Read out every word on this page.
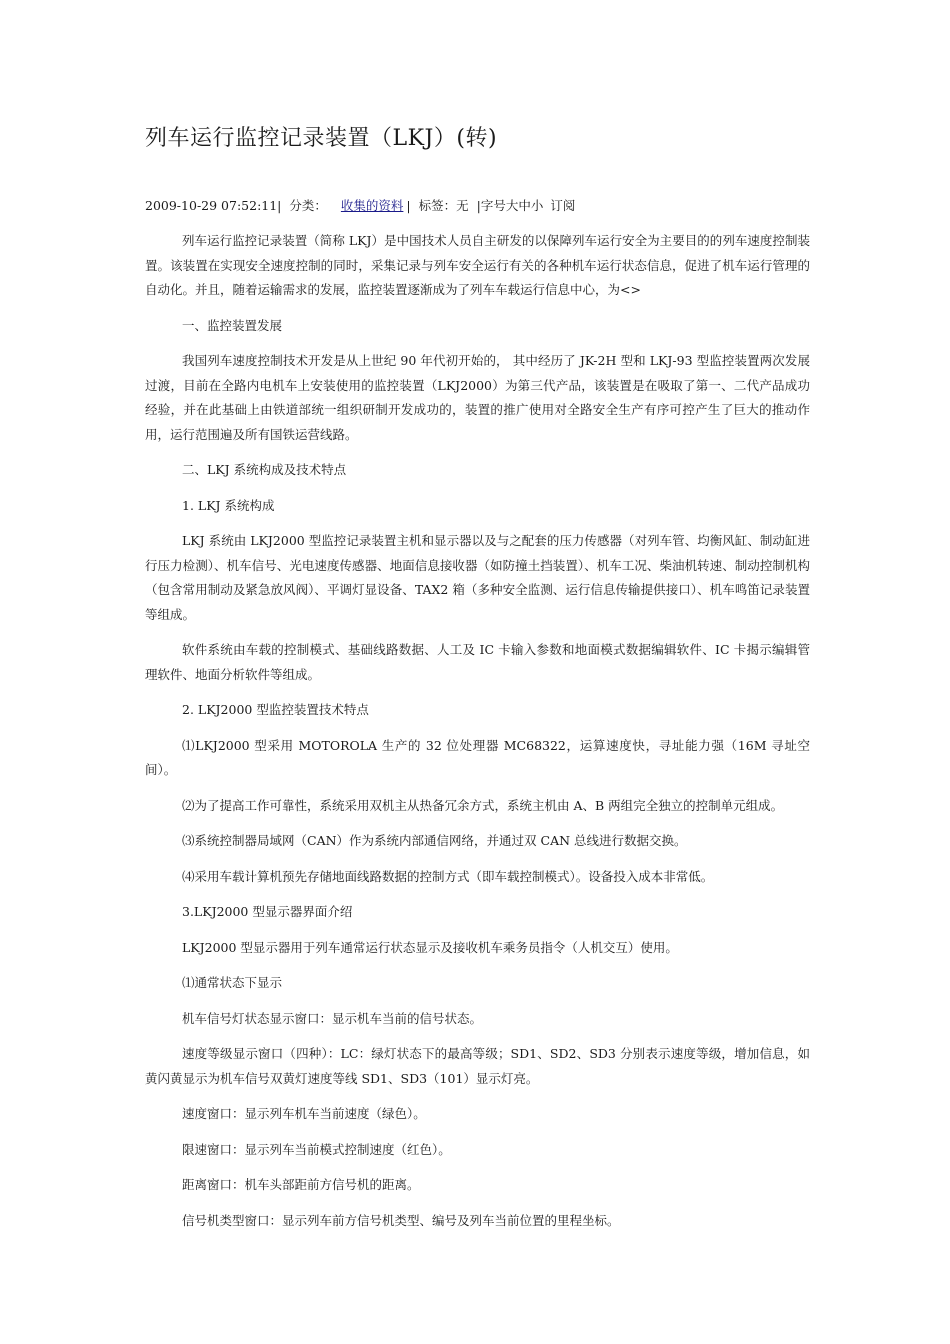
列车运行监控记录装置（LKJ）(转)
2009-10-29 07:52:11| 分类： 收集的资料 | 标签：无 |字号大中小 订阅

列车运行监控记录装置（简称 LKJ）是中国技术人员自主研发的以保障列车运行安全为主要目的的列车速度控制装置。该装置在实现安全速度控制的同时，采集记录与列车安全运行有关的各种机车运行状态信息，促进了机车运行管理的自动化。并且，随着运输需求的发展，监控装置逐渐成为了列车车载运行信息中心，为<>

一、监控装置发展

我国列车速度控制技术开发是从上世纪 90 年代初开始的， 其中经历了 JK-2H 型和 LKJ-93 型监控装置两次发展过渡，目前在全路内电机车上安装使用的监控装置（LKJ2000）为第三代产品，该装置是在吸取了第一、二代产品成功经验，并在此基础上由铁道部统一组织研制开发成功的，装置的推广使用对全路安全生产有序可控产生了巨大的推动作用，运行范围遍及所有国铁运营线路。

二、LKJ 系统构成及技术特点

1. LKJ 系统构成

LKJ 系统由 LKJ2000 型监控记录装置主机和显示器以及与之配套的压力传感器（对列车管、均衡风缸、制动缸进行压力检测）、机车信号、光电速度传感器、地面信息接收器（如防撞土挡装置）、机车工况、柴油机转速、制动控制机构（包含常用制动及紧急放风阀）、平调灯显设备、TAX2 箱（多种安全监测、运行信息传输提供接口）、机车鸣笛记录装置等组成。

软件系统由车载的控制模式、基础线路数据、人工及 IC 卡输入参数和地面模式数据编辑软件、IC 卡揭示编辑管理软件、地面分析软件等组成。

2. LKJ2000 型监控装置技术特点

⑴LKJ2000 型采用 MOTOROLA 生产的 32 位处理器 MC68322，运算速度快，寻址能力强（16M 寻址空间）。

⑵为了提高工作可靠性，系统采用双机主从热备冗余方式，系统主机由 A、B 两组完全独立的控制单元组成。

⑶系统控制器局域网（CAN）作为系统内部通信网络，并通过双 CAN 总线进行数据交换。

⑷采用车载计算机预先存储地面线路数据的控制方式（即车载控制模式）。设备投入成本非常低。

3.LKJ2000 型显示器界面介绍

LKJ2000 型显示器用于列车通常运行状态显示及接收机车乘务员指令（人机交互）使用。

⑴通常状态下显示

机车信号灯状态显示窗口：显示机车当前的信号状态。

速度等级显示窗口（四种）：LC：绿灯状态下的最高等级；SD1、SD2、SD3 分别表示速度等级，增加信息，如黄闪黄显示为机车信号双黄灯速度等线 SD1、SD3（101）显示灯亮。

速度窗口：显示列车机车当前速度（绿色）。

限速窗口：显示列车当前模式控制速度（红色）。

距离窗口：机车头部距前方信号机的距离。

信号机类型窗口：显示列车前方信号机类型、编号及列车当前位置的里程坐标。
